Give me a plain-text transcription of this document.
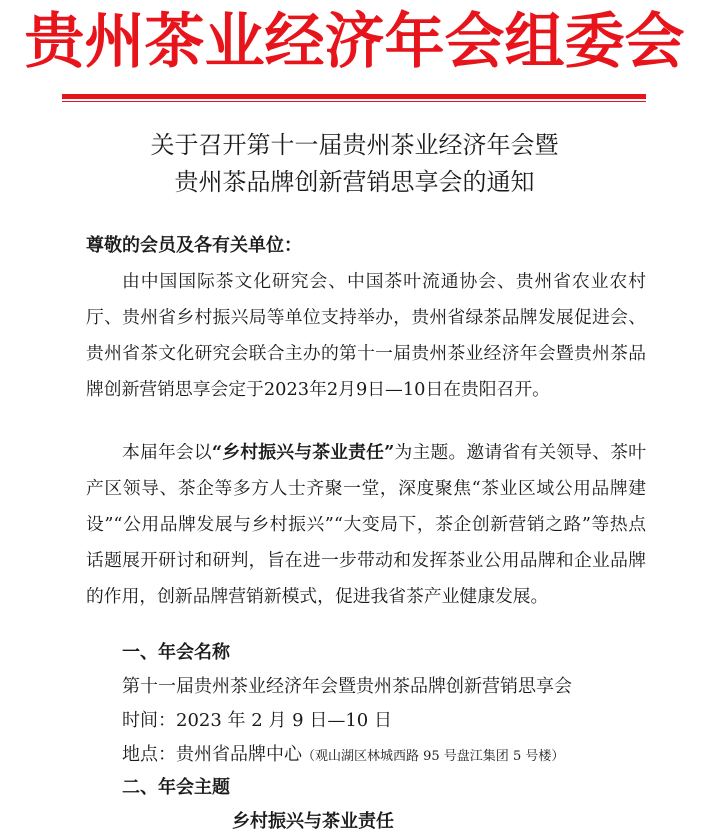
贵州茶业经济年会组委会
关于召开第十一届贵州茶业经济年会暨
贵州茶品牌创新营销思享会的通知
尊敬的会员及各有关单位：
由中国国际茶文化研究会、中国茶叶流通协会、贵州省农业农村厅、贵州省乡村振兴局等单位支持举办，贵州省绿茶品牌发展促进会、贵州省茶文化研究会联合主办的第十一届贵州茶业经济年会暨贵州茶品牌创新营销思享会定于2023年2月9日—10日在贵阳召开。
本届年会以“乡村振兴与茶业责任”为主题。邀请省有关领导、茶叶产区领导、茶企等多方人士齐聚一堂，深度聚焦“茶业区域公用品牌建设”“公用品牌发展与乡村振兴”“大变局下，茶企创新营销之路”等热点话题展开研讨和研判，旨在进一步带动和发挥茶业公用品牌和企业品牌的作用，创新品牌营销新模式，促进我省茶产业健康发展。
一、年会名称
第十一届贵州茶业经济年会暨贵州茶品牌创新营销思享会
时间：2023 年 2 月 9 日—10 日
地点：贵州省品牌中心（观山湖区林城西路 95 号盘江集团 5 号楼）
二、年会主题
乡村振兴与茶业责任
